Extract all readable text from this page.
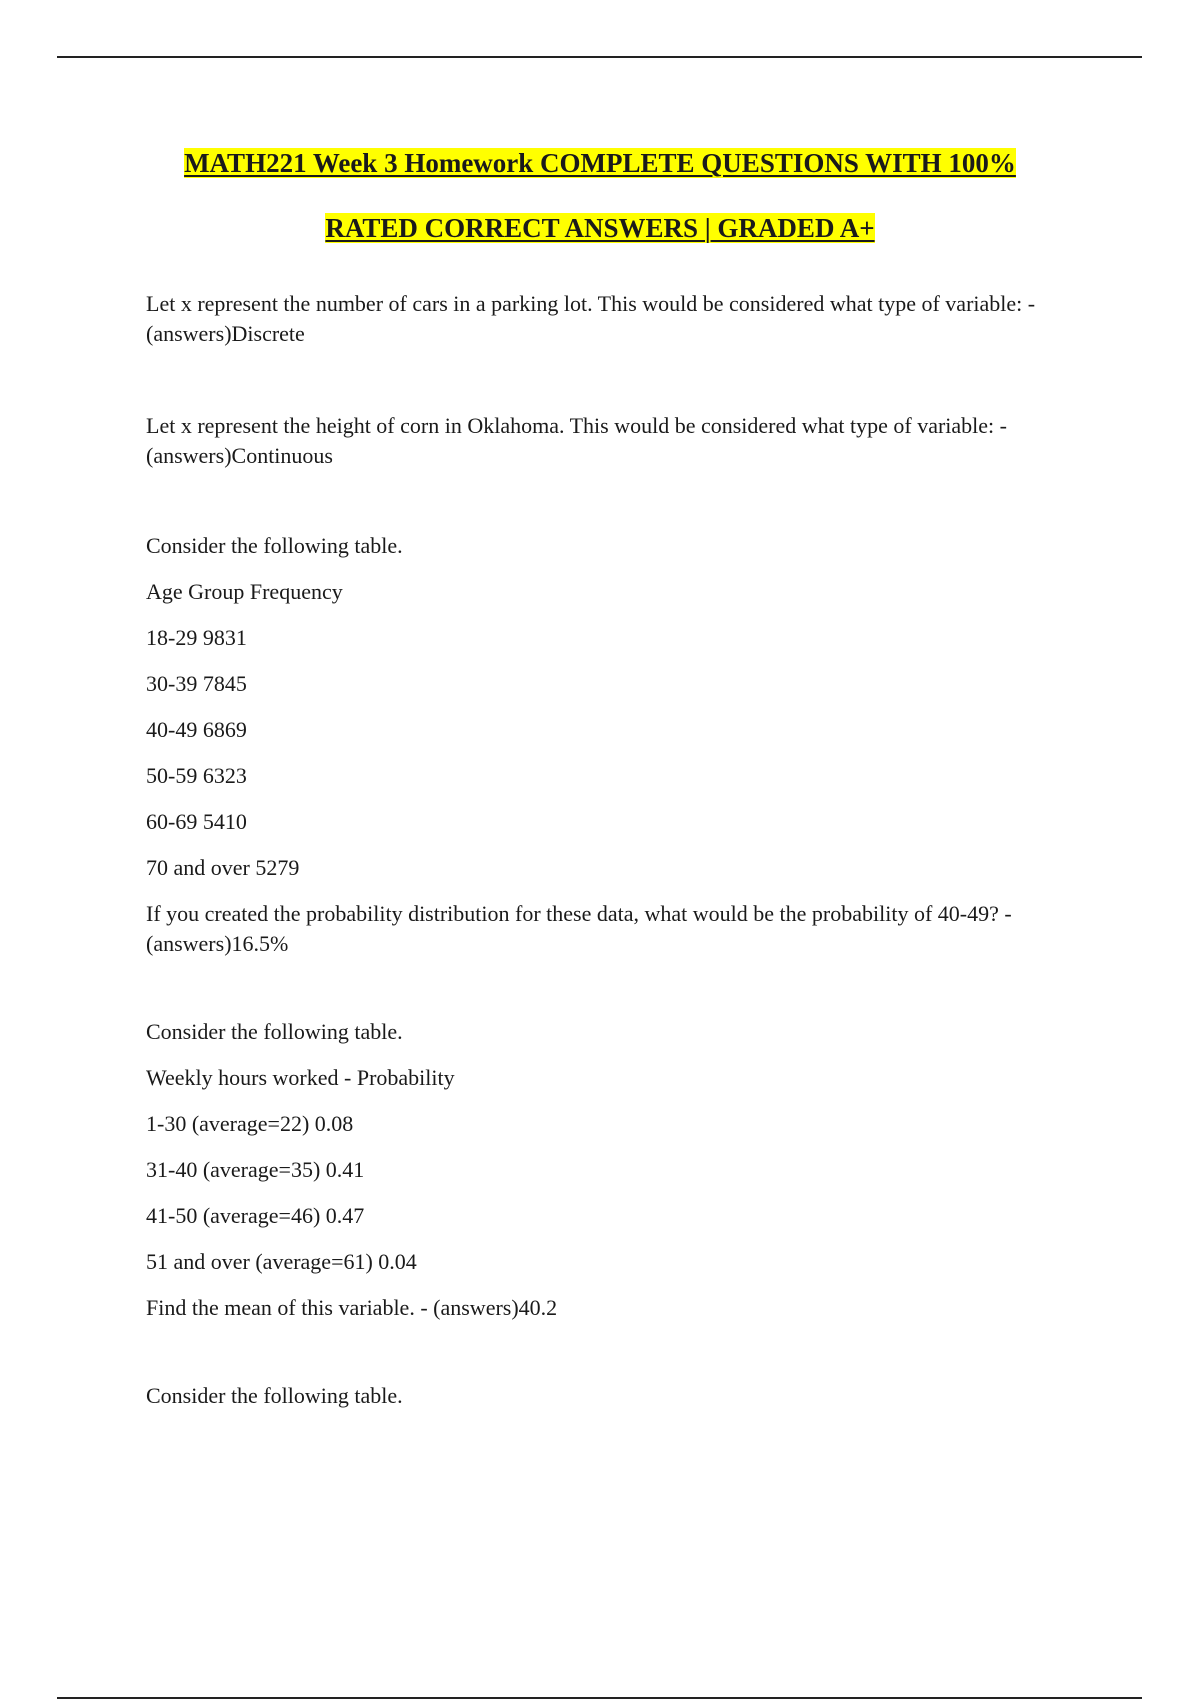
MATH221 Week 3 Homework COMPLETE QUESTIONS WITH 100%
RATED CORRECT ANSWERS | GRADED A+

Let x represent the number of cars in a parking lot. This would be considered what type of variable: - (answers)Discrete

Let x represent the height of corn in Oklahoma. This would be considered what type of variable: - (answers)Continuous

Consider the following table.

Age Group Frequency

18-29 9831

30-39 7845

40-49 6869

50-59 6323

60-69 5410

70 and over 5279

If you created the probability distribution for these data, what would be the probability of 40-49? - (answers)16.5%

Consider the following table.

Weekly hours worked - Probability

1-30 (average=22) 0.08

31-40 (average=35) 0.41

41-50 (average=46) 0.47

51 and over (average=61) 0.04

Find the mean of this variable. - (answers)40.2

Consider the following table.
